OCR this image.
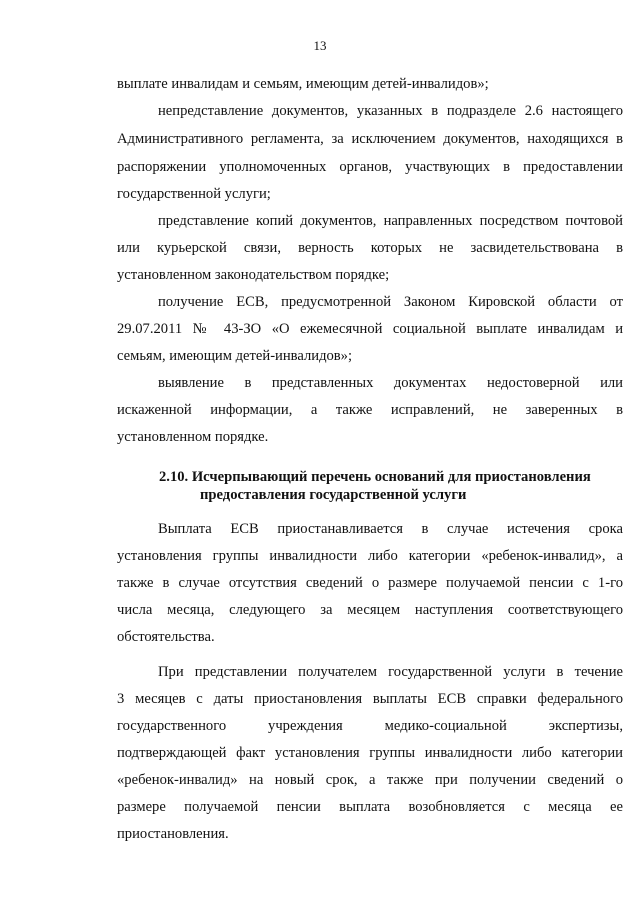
13
выплате инвалидам и семьям, имеющим детей-инвалидов»;
непредставление документов, указанных в подразделе 2.6 настоящего
Административного регламента, за исключением документов, находящихся в
распоряжении уполномоченных органов, участвующих в предоставлении
государственной услуги;
представление копий документов, направленных посредством почтовой
или курьерской связи, верность которых не засвидетельствована в
установленном законодательством порядке;
получение ЕСВ, предусмотренной Законом Кировской области от
29.07.2011 № 43-ЗО «О ежемесячной социальной выплате инвалидам и
семьям, имеющим детей-инвалидов»;
выявление в представленных документах недостоверной или
искаженной информации, а также исправлений, не заверенных в
установленном порядке.
2.10. Исчерпывающий перечень оснований для приостановления
предоставления государственной услуги
Выплата ЕСВ приостанавливается в случае истечения срока
установления группы инвалидности либо категории «ребенок-инвалид», а
также в случае отсутствия сведений о размере получаемой пенсии с 1-го
числа месяца, следующего за месяцем наступления соответствующего
обстоятельства.
При представлении получателем государственной услуги в течение
3 месяцев с даты приостановления выплаты ЕСВ справки федерального
государственного учреждения медико-социальной экспертизы,
подтверждающей факт установления группы инвалидности либо категории
«ребенок-инвалид» на новый срок, а также при получении сведений о
размере получаемой пенсии выплата возобновляется с месяца ее
приостановления.
